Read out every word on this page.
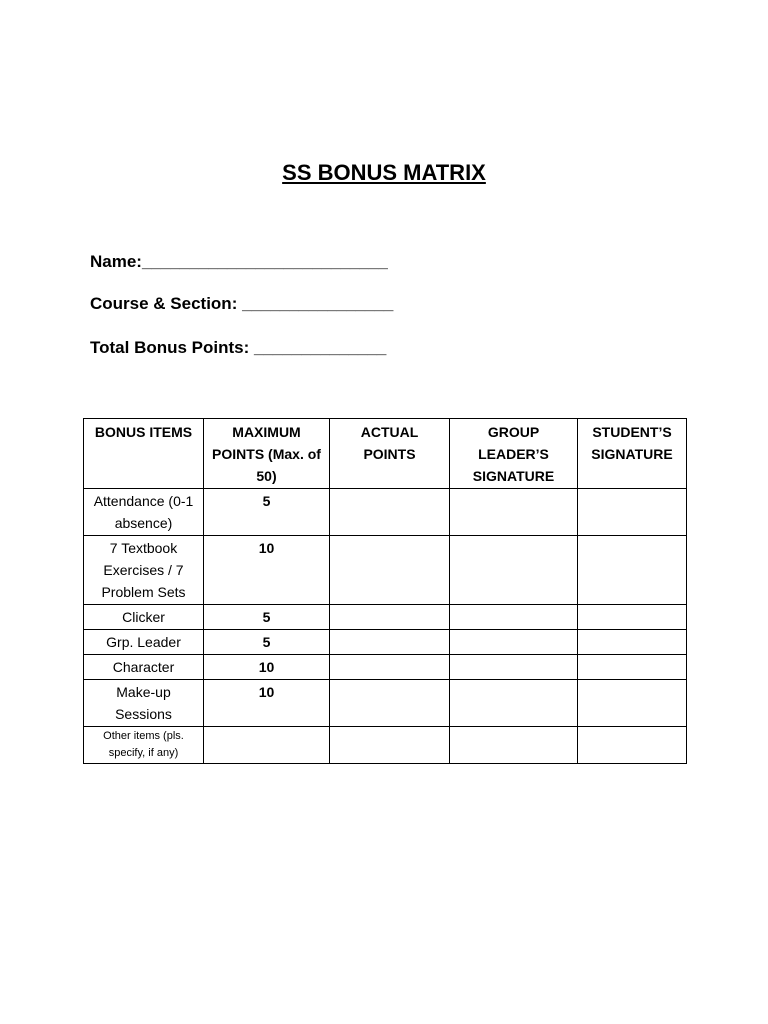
SS BONUS MATRIX
Name:__________________________
Course & Section: ________________
Total Bonus Points: ______________
BONUS ITEMS	MAXIMUM POINTS (Max. of 50)	ACTUAL POINTS	GROUP LEADER’S SIGNATURE	STUDENT’S SIGNATURE
Attendance (0-1 absence)	5			
7 Textbook Exercises / 7 Problem Sets	10			
Clicker	5			
Grp. Leader	5			
Character	10			
Make-up Sessions	10			
Other items (pls. specify, if any)				
